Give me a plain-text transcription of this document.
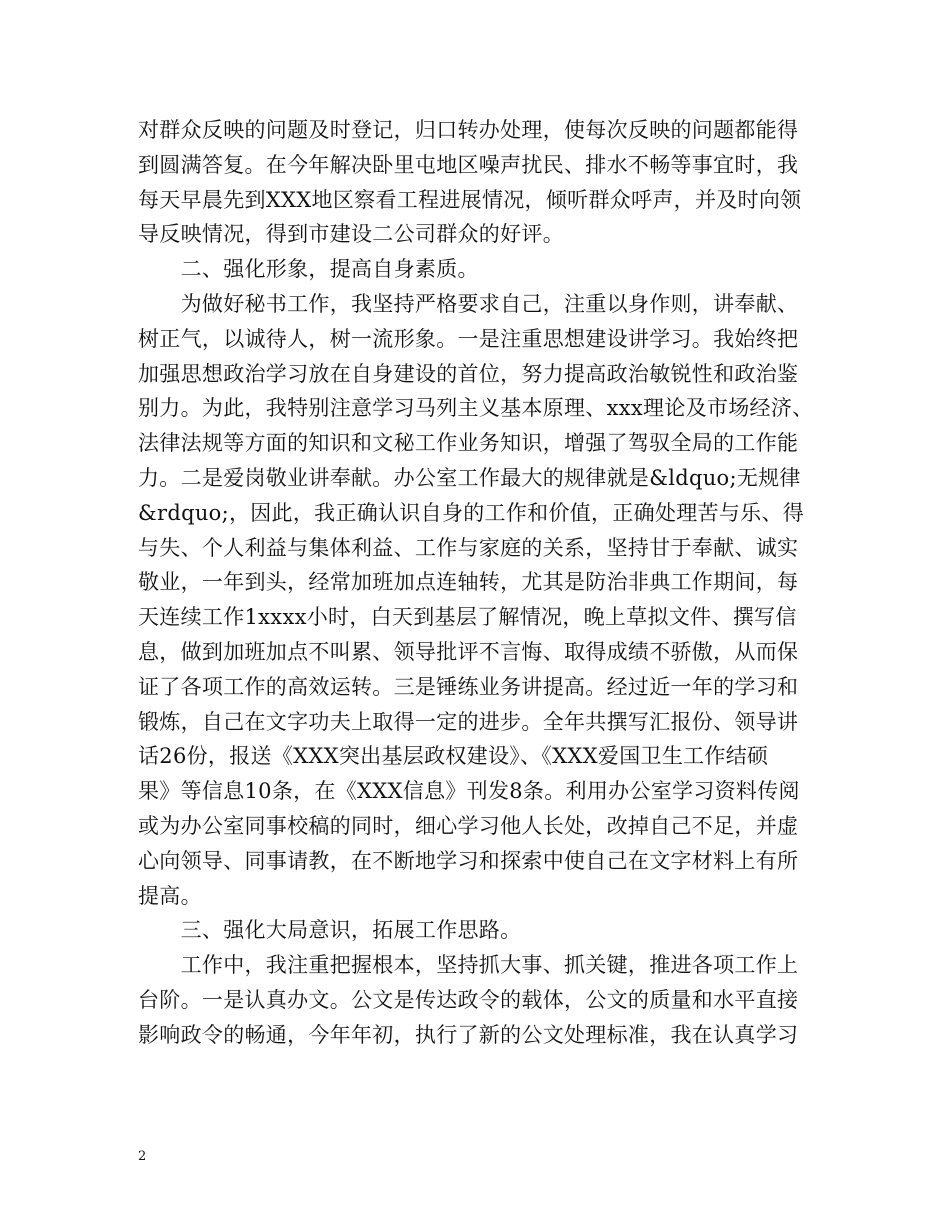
对群众反映的问题及时登记，归口转办处理，使每次反映的问题都能得
到圆满答复。在今年解决卧里屯地区噪声扰民、排水不畅等事宜时，我
每天早晨先到XXX地区察看工程进展情况，倾听群众呼声，并及时向领
导反映情况，得到市建设二公司群众的好评。
　　二、强化形象，提高自身素质。
　　为做好秘书工作，我坚持严格要求自己，注重以身作则，讲奉献、
树正气，以诚待人，树一流形象。一是注重思想建设讲学习。我始终把
加强思想政治学习放在自身建设的首位，努力提高政治敏锐性和政治鉴
别力。为此，我特别注意学习马列主义基本原理、xxx理论及市场经济、
法律法规等方面的知识和文秘工作业务知识，增强了驾驭全局的工作能
力。二是爱岗敬业讲奉献。办公室工作最大的规律就是&ldquo;无规律
&rdquo;，因此，我正确认识自身的工作和价值，正确处理苦与乐、得
与失、个人利益与集体利益、工作与家庭的关系，坚持甘于奉献、诚实
敬业，一年到头，经常加班加点连轴转，尤其是防治非典工作期间，每
天连续工作1xxxx小时，白天到基层了解情况，晚上草拟文件、撰写信
息，做到加班加点不叫累、领导批评不言悔、取得成绩不骄傲，从而保
证了各项工作的高效运转。三是锤练业务讲提高。经过近一年的学习和
锻炼，自己在文字功夫上取得一定的进步。全年共撰写汇报份、领导讲
话26份，报送《XXX突出基层政权建设》、《XXX爱国卫生工作结硕
果》等信息10条，在《XXX信息》刊发8条。利用办公室学习资料传阅
或为办公室同事校稿的同时，细心学习他人长处，改掉自己不足，并虚
心向领导、同事请教，在不断地学习和探索中使自己在文字材料上有所
提高。
　　三、强化大局意识，拓展工作思路。
　　工作中，我注重把握根本，坚持抓大事、抓关键，推进各项工作上
台阶。一是认真办文。公文是传达政令的载体，公文的质量和水平直接
影响政令的畅通，今年年初，执行了新的公文处理标准，我在认真学习
2
